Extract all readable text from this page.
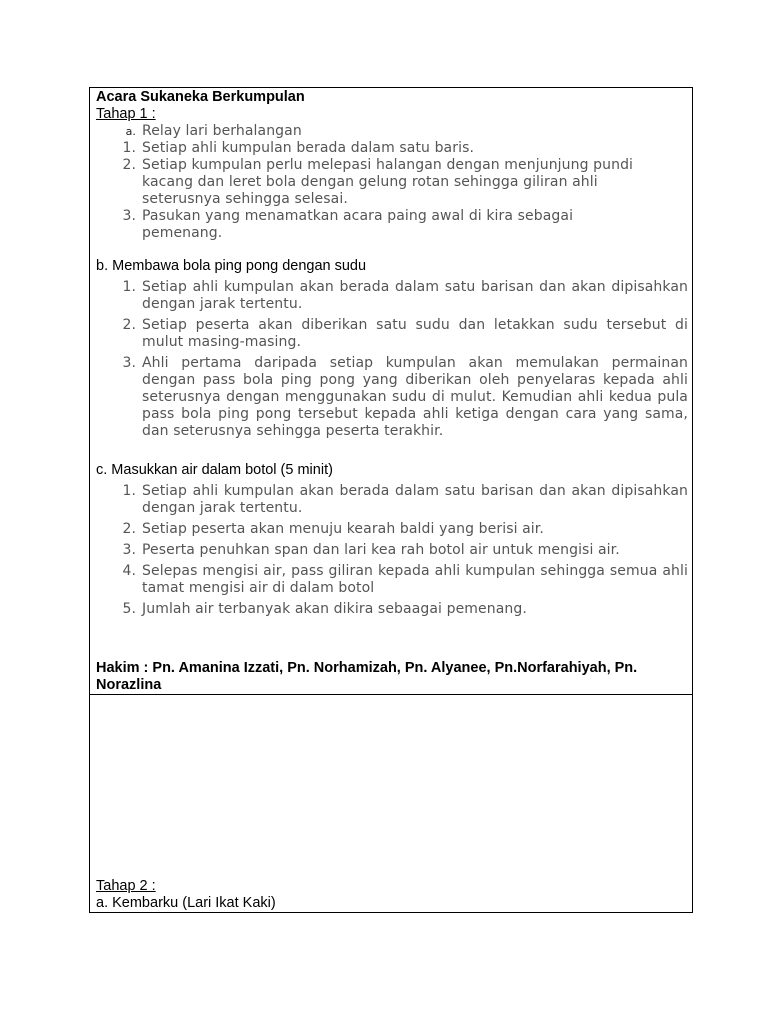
Acara Sukaneka Berkumpulan
Tahap 1 :
a. Relay lari berhalangan
1. Setiap ahli kumpulan berada dalam satu baris.
2. Setiap kumpulan perlu melepasi halangan dengan menjunjung pundi kacang dan leret bola dengan gelung rotan sehingga giliran ahli seterusnya sehingga selesai.
3. Pasukan yang menamatkan acara paing awal di kira sebagai pemenang.
b. Membawa bola ping pong dengan sudu
1. Setiap ahli kumpulan akan berada dalam satu barisan dan akan dipisahkan dengan jarak tertentu.
2. Setiap peserta akan diberikan satu sudu dan letakkan sudu tersebut di mulut masing-masing.
3. Ahli pertama daripada setiap kumpulan akan memulakan permainan dengan pass bola ping pong yang diberikan oleh penyelaras kepada ahli seterusnya dengan menggunakan sudu di mulut. Kemudian ahli kedua pula pass bola ping pong tersebut kepada ahli ketiga dengan cara yang sama, dan seterusnya sehingga peserta terakhir.
c. Masukkan air dalam botol (5 minit)
1. Setiap ahli kumpulan akan berada dalam satu barisan dan akan dipisahkan dengan jarak tertentu.
2. Setiap peserta akan menuju kearah baldi yang berisi air.
3. Peserta penuhkan span dan lari kea rah botol air untuk mengisi air.
4. Selepas mengisi air, pass giliran kepada ahli kumpulan sehingga semua ahli tamat mengisi air di dalam botol
5. Jumlah air terbanyak akan dikira sebaagai pemenang.
Hakim : Pn. Amanina Izzati, Pn. Norhamizah, Pn. Alyanee, Pn.Norfarahiyah, Pn. Norazlina
Tahap 2 :
a. Kembarku (Lari Ikat Kaki)
